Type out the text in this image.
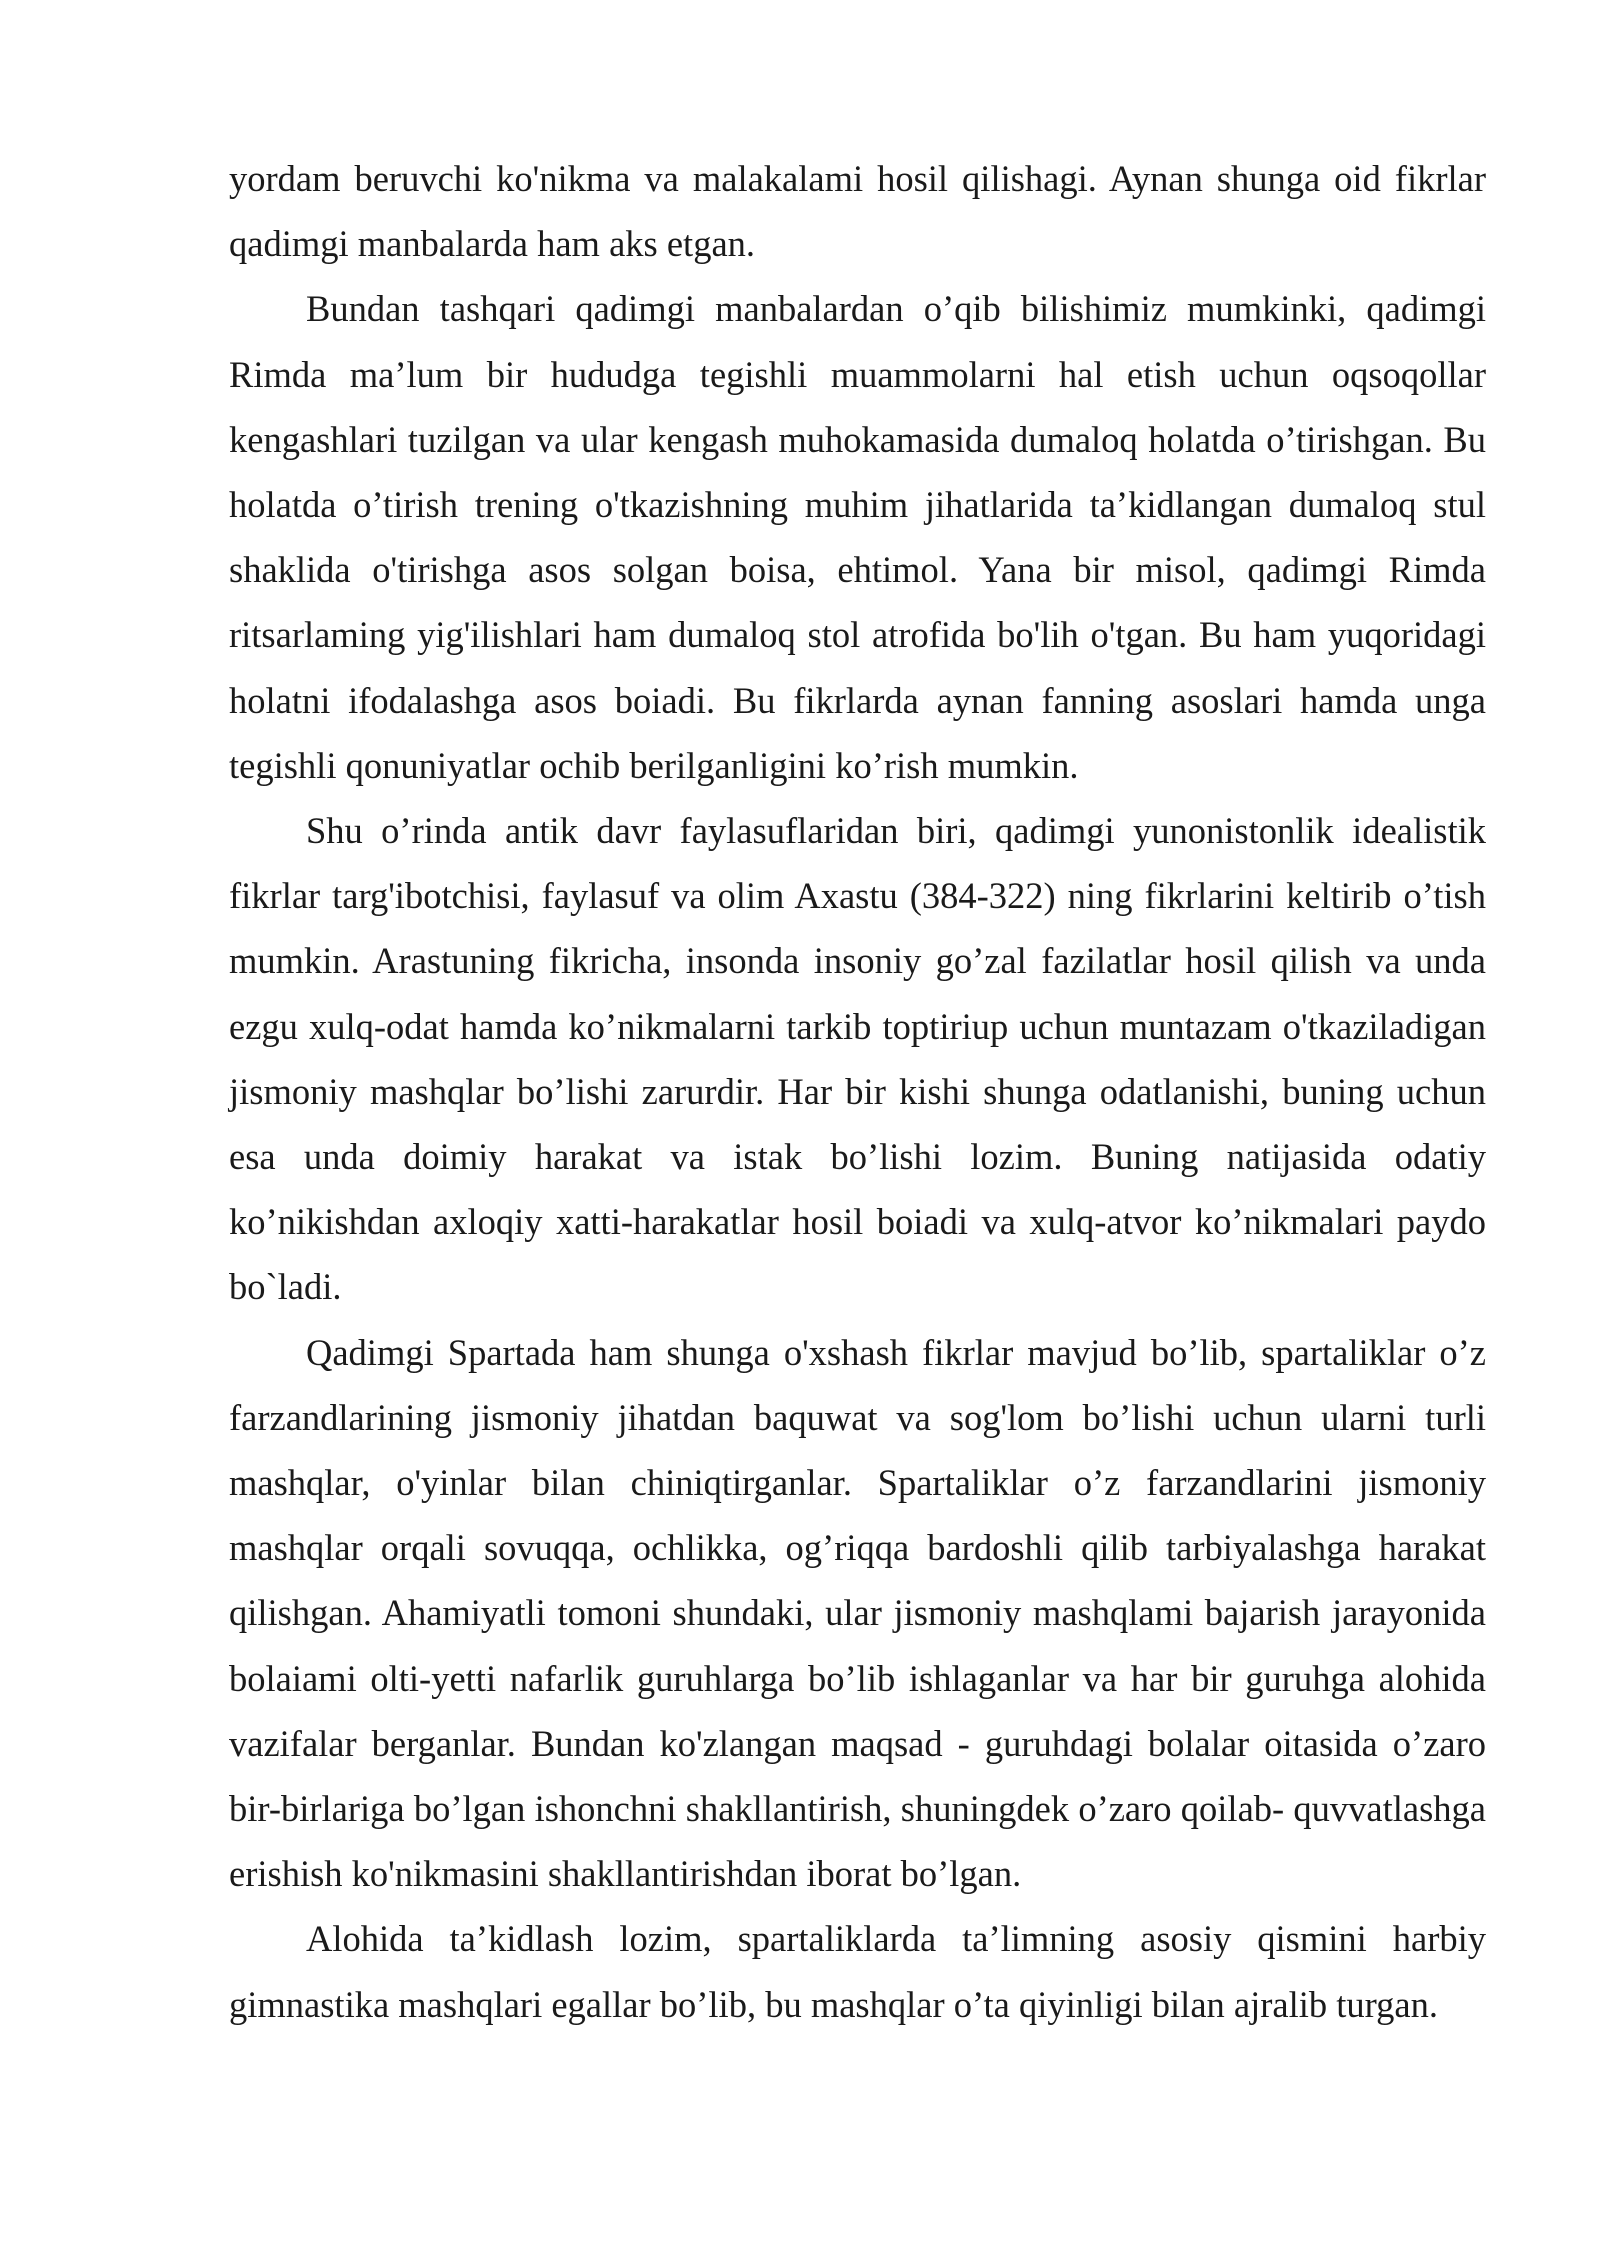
yordam beruvchi ko'nikma va malakalami hosil qilishagi. Aynan shunga oid fikrlar qadimgi manbalarda ham aks etgan.

Bundan tashqari qadimgi manbalardan o’qib bilishimiz mumkinki, qadimgi Rimda ma’lum bir hududga tegishli muammolarni hal etish uchun oqsoqollar kengashlari tuzilgan va ular kengash muhokamasida dumaloq holatda o’tirishgan. Bu holatda o’tirish trening o'tkazishning muhim jihatlarida ta’kidlangan dumaloq stul shaklida o'tirishga asos solgan boisa, ehtimol. Yana bir misol, qadimgi Rimda ritsarlaming yig'ilishlari ham dumaloq stol atrofida bo'lih o'tgan. Bu ham yuqoridagi holatni ifodalashga asos boiadi. Bu fikrlarda aynan fanning asoslari hamda unga tegishli qonuniyatlar ochib berilganligini ko’rish mumkin.

Shu o’rinda antik davr faylasuflaridan biri, qadimgi yunonistonlik idealistik fikrlar targ'ibotchisi, faylasuf va olim Axastu (384-322) ning fikrlarini keltirib o’tish mumkin. Arastuning fikricha, insonda insoniy go’zal fazilatlar hosil qilish va unda ezgu xulq-odat hamda ko’nikmalarni tarkib toptiriup uchun muntazam o'tkaziladigan jismoniy mashqlar bo’lishi zarurdir. Har bir kishi shunga odatlanishi, buning uchun esa unda doimiy harakat va istak bo’lishi lozim. Buning natijasida odatiy ko’nikishdan axloqiy xatti-harakatlar hosil boiadi va xulq-atvor ko’nikmalari paydo bo`ladi.

Qadimgi Spartada ham shunga o'xshash fikrlar mavjud bo’lib, spartaliklar o’z farzandlarining jismoniy jihatdan baquwat va sog'lom bo’lishi uchun ularni turli mashqlar, o'yinlar bilan chiniqtirganlar. Spartaliklar o’z farzandlarini jismoniy mashqlar orqali sovuqqa, ochlikka, og’riqqa bardoshli qilib tarbiyalashga harakat qilishgan. Ahamiyatli tomoni shundaki, ular jismoniy mashqlami bajarish jarayonida bolaiami olti-yetti nafarlik guruhlarga bo’lib ishlaganlar va har bir guruhga alohida vazifalar berganlar. Bundan ko'zlangan maqsad - guruhdagi bolalar oitasida o’zaro bir-birlariga bo’lgan ishonchni shakllantirish, shuningdek o’zaro qoilab- quvvatlashga erishish ko'nikmasini shakllantirishdan iborat bo’lgan.

Alohida ta’kidlash lozim, spartaliklarda ta’limning asosiy qismini harbiy gimnastika mashqlari egallar bo’lib, bu mashqlar o’ta qiyinligi bilan ajralib turgan.
